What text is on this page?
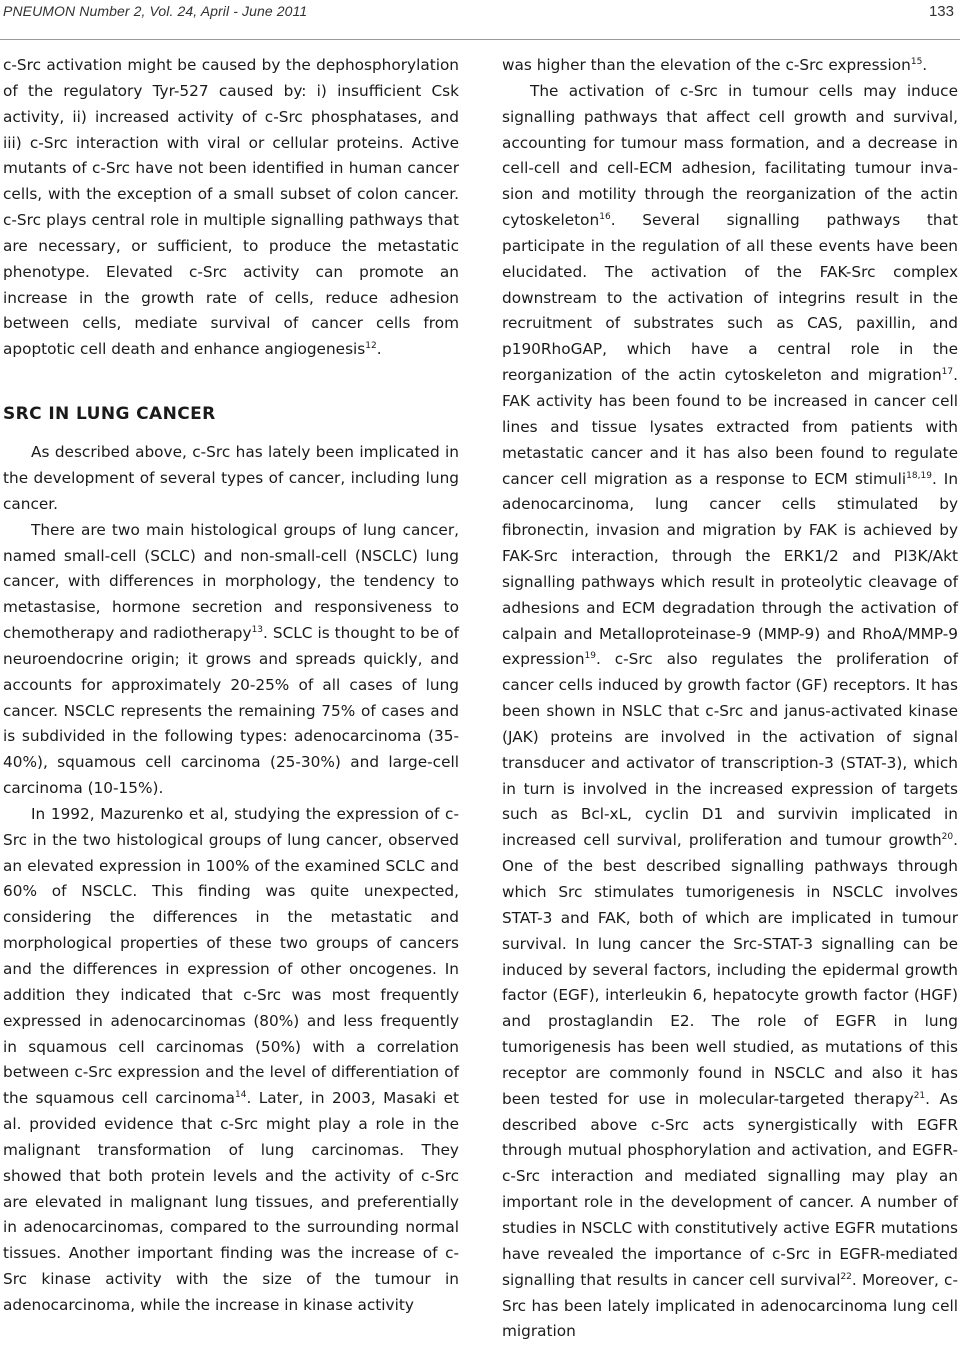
PNEUMON Number 2, Vol. 24, April - June 2011	133

c-Src activation might be caused by the dephosphorylation of the regulatory Tyr-527 caused by: i) insufficient Csk activity, ii) increased activity of c-Src phosphatases, and iii) c-Src interaction with viral or cellular proteins. Active mutants of c-Src have not been identified in human cancer cells, with the exception of a small subset of colon cancer. c-Src plays central role in multiple signalling pathways that are necessary, or sufficient, to produce the metastatic phenotype. Elevated c-Src activity can promote an increase in the growth rate of cells, reduce adhesion between cells, mediate survival of cancer cells from apoptotic cell death and enhance angiogenesis$^{12}$.

SRC IN LUNG CANCER

As described above, c-Src has lately been implicated in the development of several types of cancer, including lung cancer.

There are two main histological groups of lung cancer, named small-cell (SCLC) and non-small-cell (NSCLC) lung cancer, with differences in morphology, the tendency to metastasise, hormone secretion and responsiveness to chemotherapy and radiotherapy$^{13}$. SCLC is thought to be of neuroendocrine origin; it grows and spreads quickly, and accounts for approximately 20-25% of all cases of lung cancer. NSCLC represents the remaining 75% of cases and is subdivided in the following types: adenocarcinoma (35-40%), squamous cell carcinoma (25-30%) and large-cell carcinoma (10-15%).

In 1992, Mazurenko et al, studying the expression of c-Src in the two histological groups of lung cancer, observed an elevated expression in 100% of the examined SCLC and 60% of NSCLC. This finding was quite unexpected, considering the differences in the metastatic and morphological properties of these two groups of cancers and the differences in expression of other oncogenes. In addition they indicated that c-Src was most frequently expressed in adenocarcinomas (80%) and less frequently in squamous cell carcinomas (50%) with a correlation between c-Src expression and the level of differentiation of the squamous cell carcinoma$^{14}$. Later, in 2003, Masaki et al. provided evidence that c-Src might play a role in the malignant transformation of lung carcinomas. They showed that both protein levels and the activity of c-Src are elevated in malignant lung tissues, and preferentially in adenocarcinomas, compared to the surrounding normal tissues. Another important finding was the increase of c-Src kinase activity with the size of the tumour in adenocarcinoma, while the increase in kinase activity

was higher than the elevation of the c-Src expression$^{15}$.

The activation of c-Src in tumour cells may induce signalling pathways that affect cell growth and survival, accounting for tumour mass formation, and a decrease in cell-cell and cell-ECM adhesion, facilitating tumour invasion and motility through the reorganization of the actin cytoskeleton$^{16}$. Several signalling pathways that participate in the regulation of all these events have been elucidated. The activation of the FAK-Src complex downstream to the activation of integrins result in the recruitment of substrates such as CAS, paxillin, and p190RhoGAP, which have a central role in the reorganization of the actin cytoskeleton and migration$^{17}$. FAK activity has been found to be increased in cancer cell lines and tissue lysates extracted from patients with metastatic cancer and it has also been found to regulate cancer cell migration as a response to ECM stimuli$^{18,19}$. In adenocarcinoma, lung cancer cells stimulated by fibronectin, invasion and migration by FAK is achieved by FAK-Src interaction, through the ERK1/2 and PI3K/Akt signalling pathways which result in proteolytic cleavage of adhesions and ECM degradation through the activation of calpain and Metalloproteinase-9 (MMP-9) and RhoA/MMP-9 expression$^{19}$. c-Src also regulates the proliferation of cancer cells induced by growth factor (GF) receptors. It has been shown in NSLC that c-Src and janus-activated kinase (JAK) proteins are involved in the activation of signal transducer and activator of transcription-3 (STAT-3), which in turn is involved in the increased expression of targets such as Bcl-xL, cyclin D1 and survivin implicated in increased cell survival, proliferation and tumour growth$^{20}$. One of the best described signalling pathways through which Src stimulates tumorigenesis in NSCLC involves STAT-3 and FAK, both of which are implicated in tumour survival. In lung cancer the Src-STAT-3 signalling can be induced by several factors, including the epidermal growth factor (EGF), interleukin 6, hepatocyte growth factor (HGF) and prostaglandin E2. The role of EGFR in lung tumorigenesis has been well studied, as mutations of this receptor are commonly found in NSCLC and also it has been tested for use in molecular-targeted therapy$^{21}$. As described above c-Src acts synergistically with EGFR through mutual phosphorylation and activation, and EGFR-c-Src interaction and mediated signalling may play an important role in the development of cancer. A number of studies in NSCLC with constitutively active EGFR mutations have revealed the importance of c-Src in EGFR-mediated signalling that results in cancer cell survival$^{22}$. Moreover, c-Src has been lately implicated in adenocarcinoma lung cell migration
